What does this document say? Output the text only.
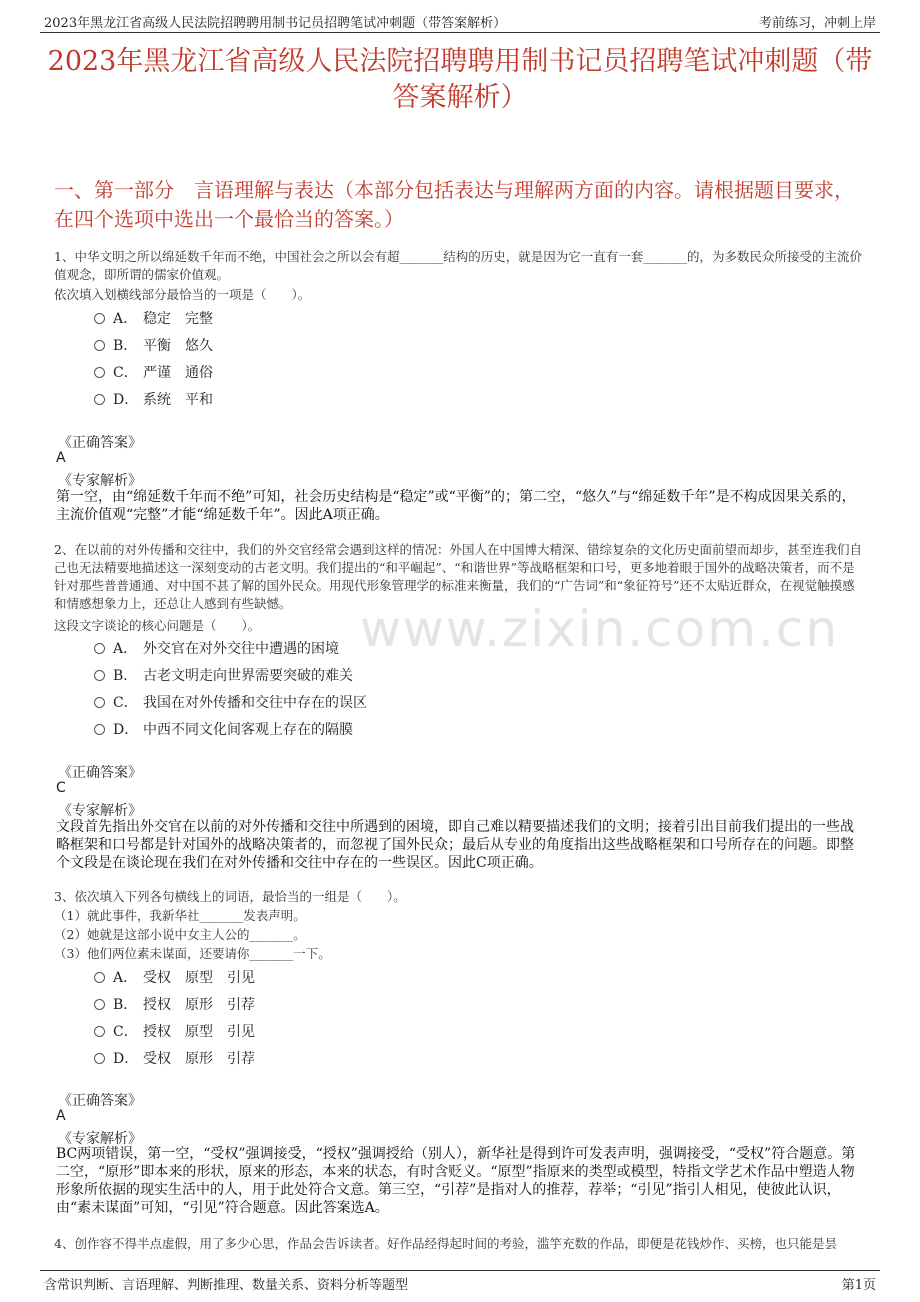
2023年黑龙江省高级人民法院招聘聘用制书记员招聘笔试冲刺题（带答案解析）	考前练习，冲刺上岸
2023年黑龙江省高级人民法院招聘聘用制书记员招聘笔试冲刺题（带答案解析）
一、第一部分　言语理解与表达（本部分包括表达与理解两方面的内容。请根据题目要求，在四个选项中选出一个最恰当的答案。）
www.zixin.com.cn
1、中华文明之所以绵延数千年而不绝，中国社会之所以会有超_______结构的历史，就是因为它一直有一套_______的，为多数民众所接受的主流价值观念，即所谓的儒家价值观。
依次填入划横线部分最恰当的一项是（　　）。
A． 稳定　完整
B． 平衡　悠久
C． 严谨　通俗
D． 系统　平和
《正确答案》
A
《专家解析》
第一空，由“绵延数千年而不绝”可知，社会历史结构是“稳定”或“平衡”的；第二空，“悠久”与“绵延数千年”是不构成因果关系的，主流价值观“完整”才能“绵延数千年”。因此A项正确。
2、在以前的对外传播和交往中，我们的外交官经常会遇到这样的情况：外国人在中国博大精深、错综复杂的文化历史面前望而却步，甚至连我们自己也无法精要地描述这一深刻变动的古老文明。我们提出的“和平崛起”、“和谐世界”等战略框架和口号，更多地着眼于国外的战略决策者，而不是针对那些普普通通、对中国不甚了解的国外民众。用现代形象管理学的标准来衡量，我们的“广告词”和“象征符号”还不太贴近群众，在视觉触摸感和情感想象力上，还总让人感到有些缺憾。
这段文字谈论的核心问题是（　　）。
A． 外交官在对外交往中遭遇的困境
B． 古老文明走向世界需要突破的难关
C． 我国在对外传播和交往中存在的误区
D． 中西不同文化间客观上存在的隔膜
《正确答案》
C
《专家解析》
文段首先指出外交官在以前的对外传播和交往中所遇到的困境，即自己难以精要描述我们的文明；接着引出目前我们提出的一些战略框架和口号都是针对国外的战略决策者的，而忽视了国外民众；最后从专业的角度指出这些战略框架和口号所存在的问题。即整个文段是在谈论现在我们在对外传播和交往中存在的一些误区。因此C项正确。
3、依次填入下列各句横线上的词语，最恰当的一组是（　　）。
（1）就此事件，我新华社_______发表声明。
（2）她就是这部小说中女主人公的_______。
（3）他们两位素未谋面，还要请你_______一下。
A． 受权　原型　引见
B． 授权　原形　引荐
C． 授权　原型　引见
D． 受权　原形　引荐
《正确答案》
A
《专家解析》
BC两项错误，第一空，“受权”强调接受，“授权”强调授给（别人），新华社是得到许可发表声明，强调接受，“受权”符合题意。第二空，“原形”即本来的形状，原来的形态，本来的状态，有时含贬义。“原型”指原来的类型或模型，特指文学艺术作品中塑造人物形象所依据的现实生活中的人，用于此处符合文意。第三空，“引荐”是指对人的推荐，荐举；“引见”指引人相见，使彼此认识，由“素未谋面”可知，“引见”符合题意。因此答案选A。
4、创作容不得半点虚假，用了多少心思，作品会告诉读者。好作品经得起时间的考验，滥竽充数的作品，即便是花钱炒作、买榜，也只能是昙
含常识判断、言语理解、判断推理、数量关系、资料分析等题型	第1页
